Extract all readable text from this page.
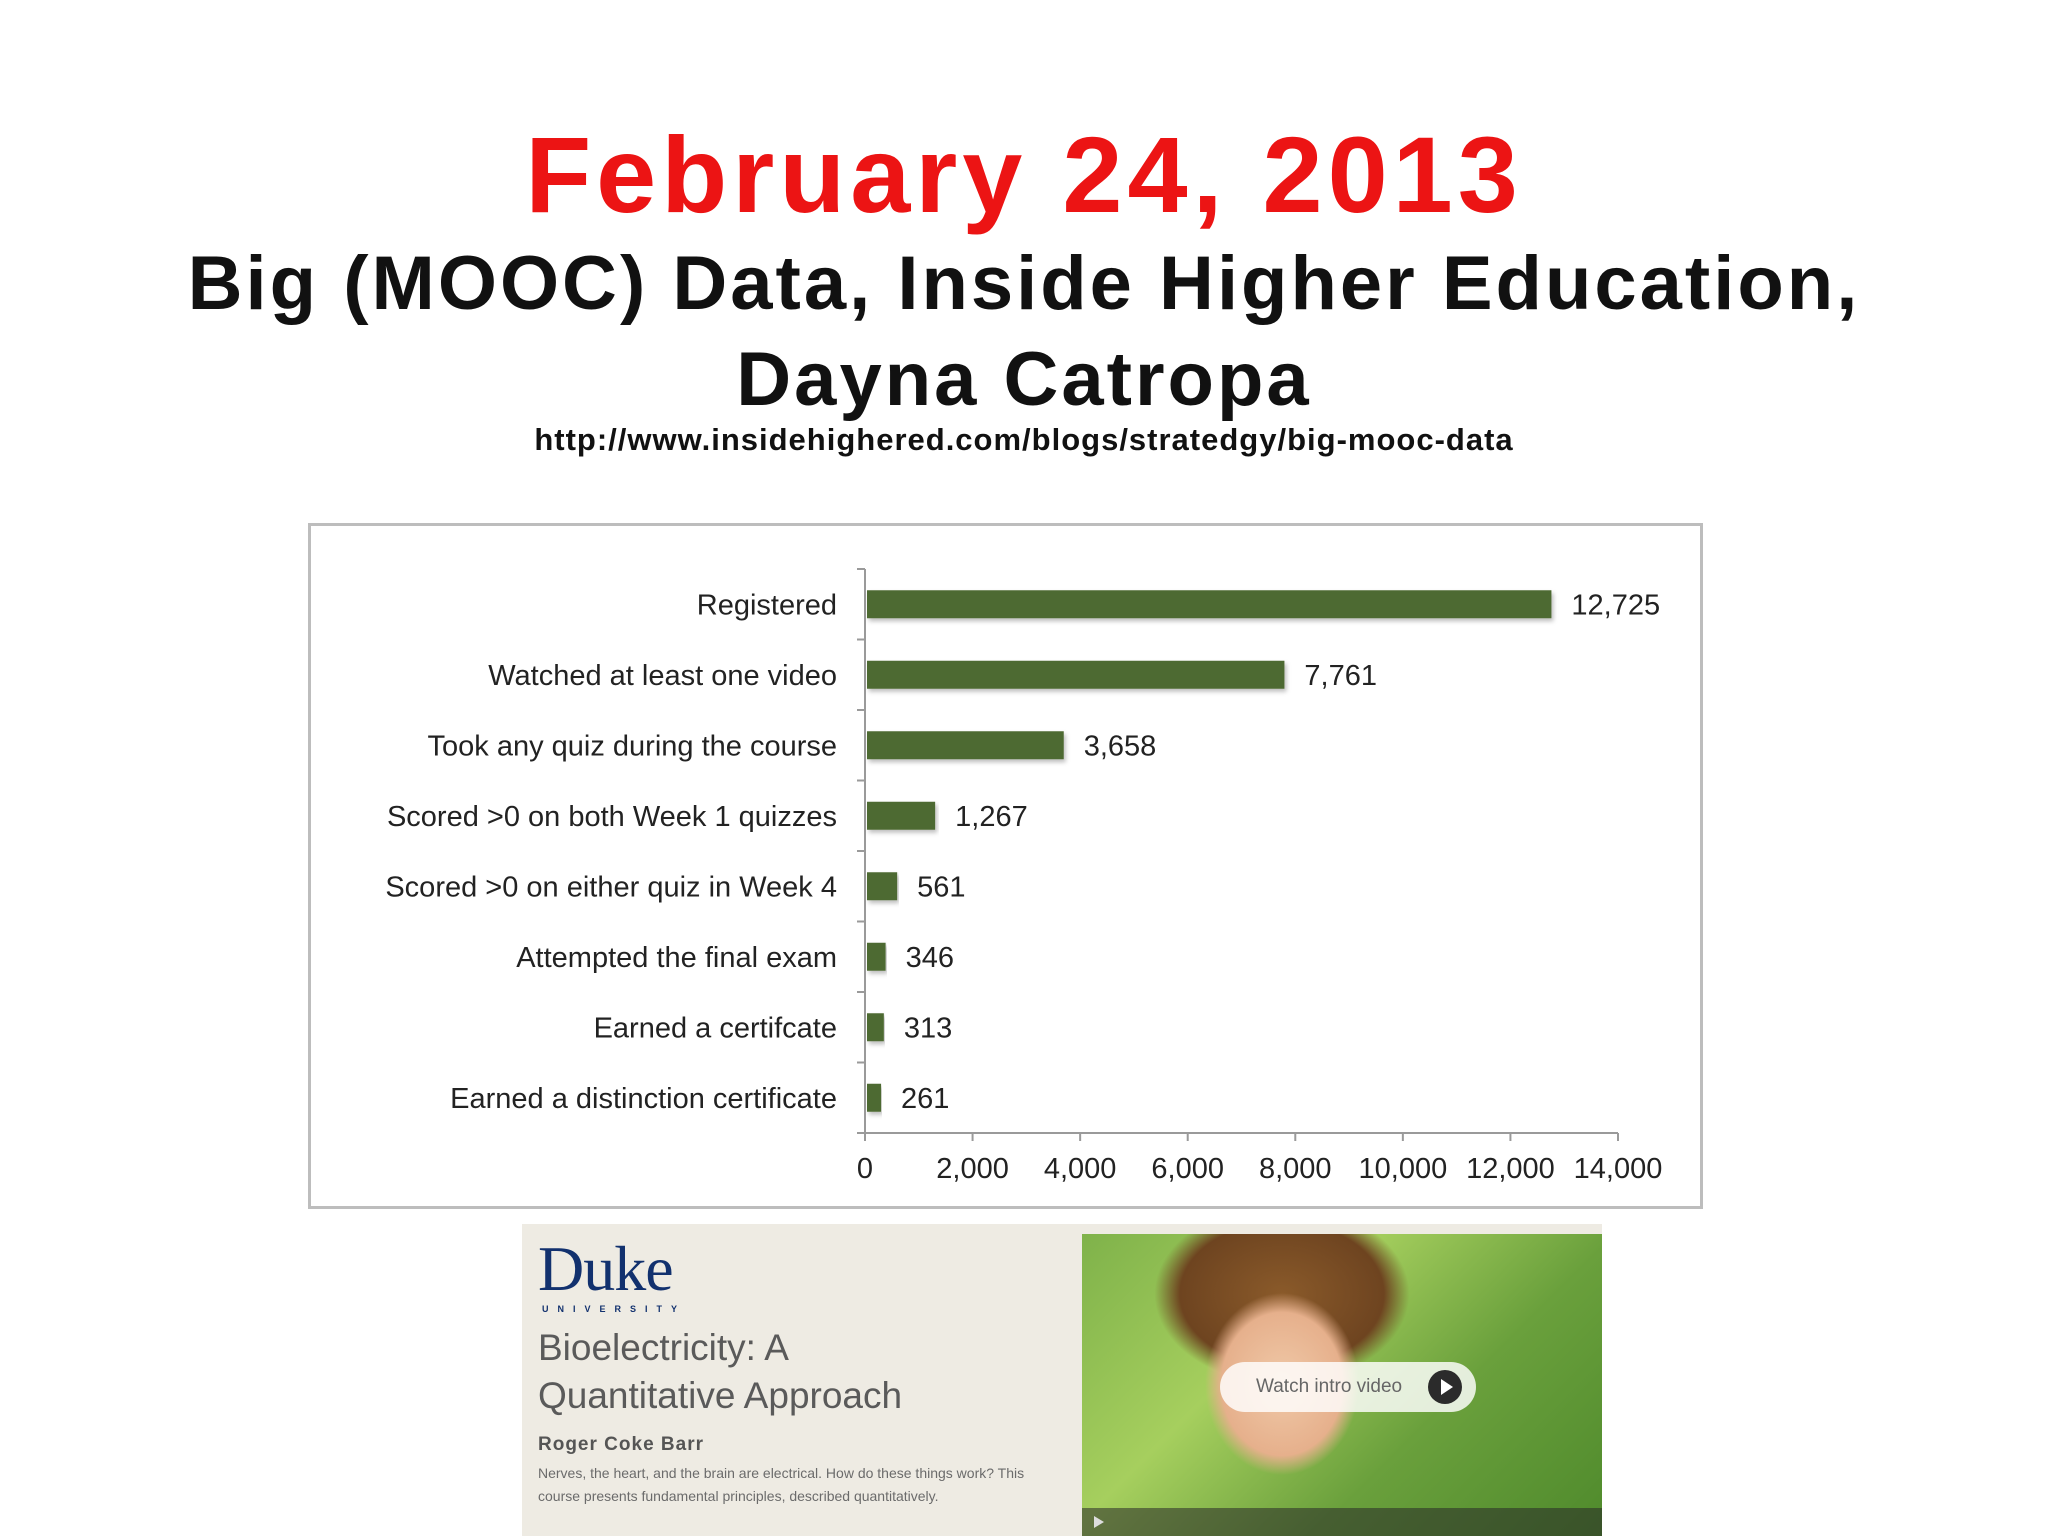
February 24, 2013
Big (MOOC) Data, Inside Higher Education,
Dayna Catropa
http://www.insidehighered.com/blogs/stratedgy/big-mooc-data
0 2,000 4,000 6,000 8,000 10,000 12,000 14,000
Registered	12,725
Watched at least one video	7,761
Took any quiz during the course	3,658
Scored >0 on both Week 1 quizzes	1,267
Scored >0 on either quiz in Week 4	561
Attempted the final exam 346
Earned a certifcate 313
Earned a distinction certificate 261
Duke
UNIVERSITY
Bioelectricity: A
Quantitative Approach
Roger Coke Barr
Nerves, the heart, and the brain are electrical. How do these things work? This course presents fundamental principles, described quantitatively.
Watch intro video
